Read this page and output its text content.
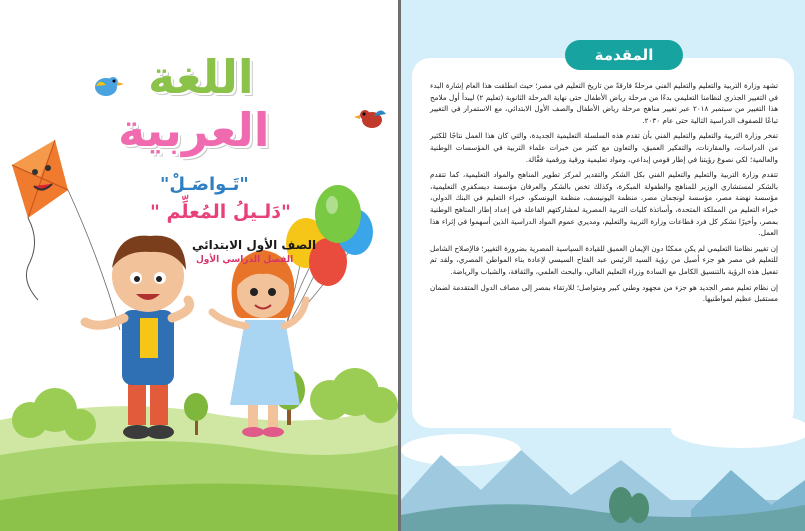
اللغة
العربية
"تَـواصَـلْ"
" دَلـيلُ المُعلِّم"
الصف الأول الابتدائي
الفصل الدراسي الأول
المقدمة

تشهد وزارة التربية والتعليم والتعليم الفني مرحلةً فارقةً من تاريخ التعليم في مصر؛ حيث انطلقت هذا العام إشارة البدء في التغيير الجذري لنظامنا التعليمي بدءًا من مرحلة رياض الأطفال حتى نهاية المرحلة الثانوية (تعليم ٢) ليبدأ أول ملامح هذا التغيير من سبتمبر ٢٠١٨ عبر تغيير مناهج مرحلة رياض الأطفال والصف الأول الابتدائي، مع الاستمرار في التغيير تباعًا للصفوف الدراسية التالية حتى عام ٢٠٣٠.

تفخر وزارة التربية والتعليم والتعليم الفني بأن تقدم هذه السلسلة التعليمية الجديدة، والتي كان هذا العمل نتاجًا للكثير من الدراسات، والمقارنات، والتفكير العميق، والتعاون مع كثير من خبرات علماء التربية في المؤسسات الوطنية والعالمية؛ لكي نصوغ رؤيتنا في إطار قومي إبداعي، ومواد تعليمية ورقية ورقمية فعَّالة.

تتقدم وزارة التربية والتعليم والتعليم الفني بكل الشكر والتقدير لمركز تطوير المناهج والمواد التعليمية، كما تتقدم بالشكر لمستشاري الوزير للمناهج والطفولة المبكرة، وكذلك تخص بالشكر والعرفان مؤسسة ديسكفري التعليمية، مؤسسة نهضة مصر، مؤسسة لونجمان مصر، منظمة اليونيسف، منظمة اليونسكو، خبراء التعليم في البنك الدولي، خبراء التعليم من المملكة المتحدة، وأساتذة كليات التربية المصرية لمشاركتهم الفاعلة في إعداد إطار المناهج الوطنية بمصر، وأخيرًا نشكر كل فرد قطاعات وزارة التربية والتعليم، ومديري عموم المواد الدراسية الذين أسهموا في إثراء هذا العمل.

إن تغيير نظامنا التعليمي لم يكن ممكنًا دون الإيمان العميق للقيادة السياسية المصرية بضرورة التغيير؛ فالإصلاح الشامل للتعليم في مصر هو جزء أصيل من رؤية السيد الرئيس عبد الفتاح السيسي لإعادة بناء المواطن المصري، ولقد تم تفعيل هذه الرؤية بالتنسيق الكامل مع السادة وزراء التعليم العالي، والبحث العلمي، والثقافة، والشباب والرياضة.

إن نظام تعليم مصر الجديد هو جزء من مجهود وطني كبير ومتواصل؛ للارتقاء بمصر إلى مصاف الدول المتقدمة لضمان مستقبل عظيم لمواطنيها.
